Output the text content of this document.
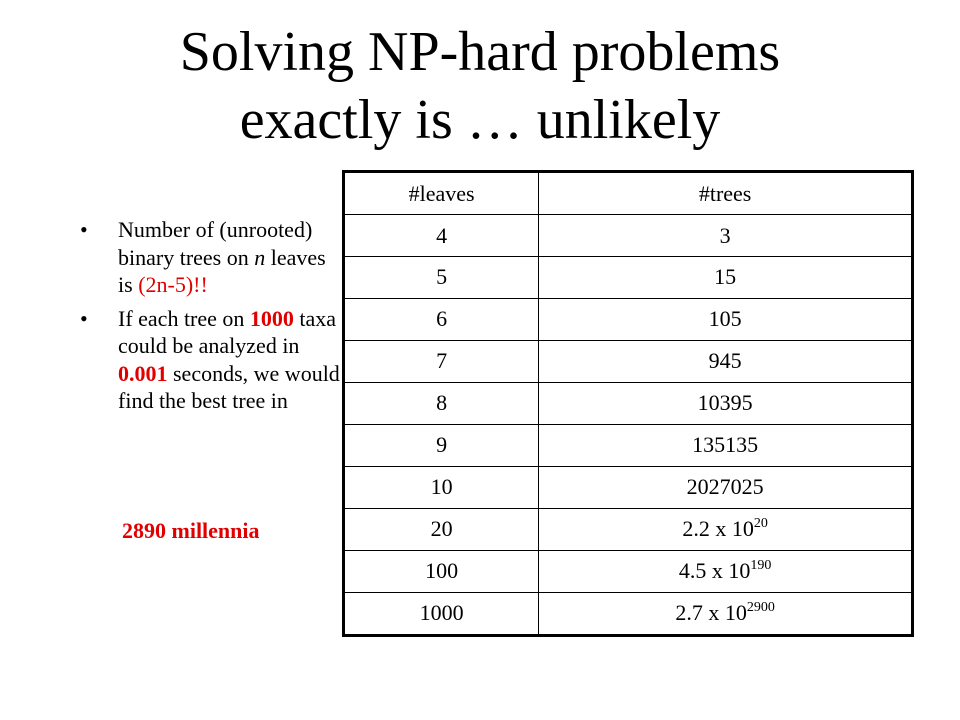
Solving NP-hard problems
exactly is … unlikely
• Number of (unrooted) binary trees on n leaves is (2n-5)!!
• If each tree on 1000 taxa could be analyzed in 0.001 seconds, we would find the best tree in
2890 millennia
#leaves	#trees
4	3
5	15
6	105
7	945
8	10395
9	135135
10	2027025
20	2.2 x $10^{20}$
100	4.5 x $10^{190}$
1000	2.7 x $10^{2900}$
